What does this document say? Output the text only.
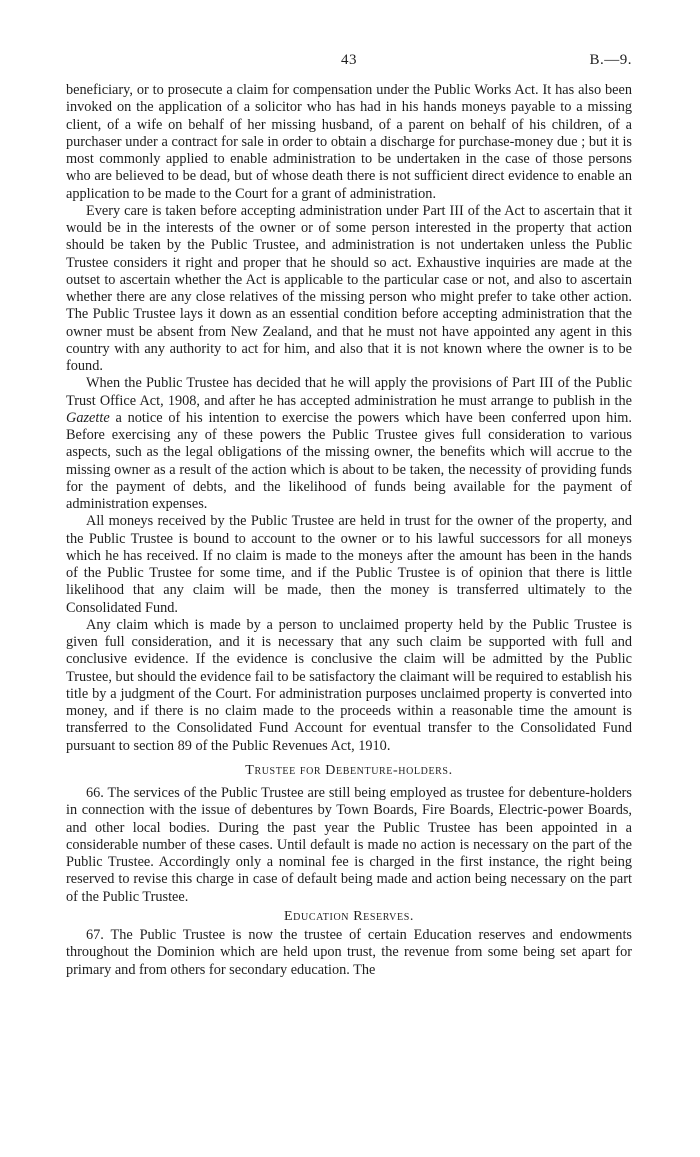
43	B.—9.

beneficiary, or to prosecute a claim for compensation under the Public Works Act. It has also been invoked on the application of a solicitor who has had in his hands moneys payable to a missing client, of a wife on behalf of her missing husband, of a parent on behalf of his children, of a purchaser under a contract for sale in order to obtain a discharge for purchase-money due ; but it is most commonly applied to enable administration to be undertaken in the case of those persons who are believed to be dead, but of whose death there is not sufficient direct evidence to enable an application to be made to the Court for a grant of administration.

Every care is taken before accepting administration under Part III of the Act to ascertain that it would be in the interests of the owner or of some person interested in the property that action should be taken by the Public Trustee, and administration is not undertaken unless the Public Trustee considers it right and proper that he should so act. Exhaustive inquiries are made at the outset to ascertain whether the Act is applicable to the particular case or not, and also to ascertain whether there are any close relatives of the missing person who might prefer to take other action. The Public Trustee lays it down as an essential condition before accepting administration that the owner must be absent from New Zealand, and that he must not have appointed any agent in this country with any authority to act for him, and also that it is not known where the owner is to be found.

When the Public Trustee has decided that he will apply the provisions of Part III of the Public Trust Office Act, 1908, and after he has accepted administration he must arrange to publish in the Gazette a notice of his intention to exercise the powers which have been conferred upon him. Before exercising any of these powers the Public Trustee gives full consideration to various aspects, such as the legal obligations of the missing owner, the benefits which will accrue to the missing owner as a result of the action which is about to be taken, the necessity of providing funds for the payment of debts, and the likelihood of funds being available for the payment of administration expenses.

All moneys received by the Public Trustee are held in trust for the owner of the property, and the Public Trustee is bound to account to the owner or to his lawful successors for all moneys which he has received. If no claim is made to the moneys after the amount has been in the hands of the Public Trustee for some time, and if the Public Trustee is of opinion that there is little likelihood that any claim will be made, then the money is transferred ultimately to the Consolidated Fund.

Any claim which is made by a person to unclaimed property held by the Public Trustee is given full consideration, and it is necessary that any such claim be supported with full and conclusive evidence. If the evidence is conclusive the claim will be admitted by the Public Trustee, but should the evidence fail to be satisfactory the claimant will be required to establish his title by a judgment of the Court. For administration purposes unclaimed property is converted into money, and if there is no claim made to the proceeds within a reasonable time the amount is transferred to the Consolidated Fund Account for eventual transfer to the Consolidated Fund pursuant to section 89 of the Public Revenues Act, 1910.

Trustee for Debenture-holders.

66. The services of the Public Trustee are still being employed as trustee for debenture-holders in connection with the issue of debentures by Town Boards, Fire Boards, Electric-power Boards, and other local bodies. During the past year the Public Trustee has been appointed in a considerable number of these cases. Until default is made no action is necessary on the part of the Public Trustee. Accordingly only a nominal fee is charged in the first instance, the right being reserved to revise this charge in case of default being made and action being necessary on the part of the Public Trustee.

Education Reserves.

67. The Public Trustee is now the trustee of certain Education reserves and endowments throughout the Dominion which are held upon trust, the revenue from some being set apart for primary and from others for secondary education. The
